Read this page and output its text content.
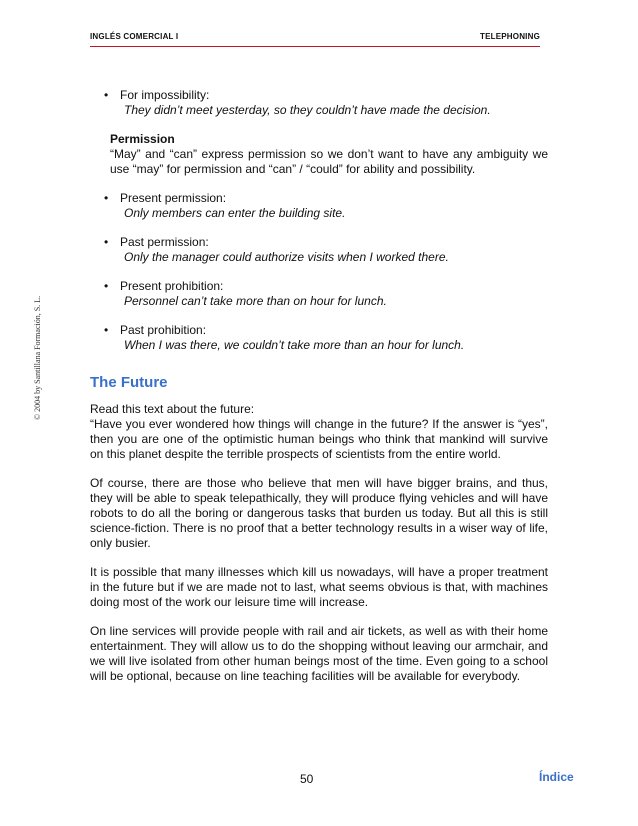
INGLÉS COMERCIAL I	TELEPHONING
© 2004 by Santillana Formación, S. L.
• For impossibility:
They didn’t meet yesterday, so they couldn’t have made the decision.
Permission
“May” and “can” express permission so we don’t want to have any ambiguity we use “may” for permission and “can” / “could” for ability and possibility.
• Present permission:
Only members can enter the building site.
• Past permission:
Only the manager could authorize visits when I worked there.
• Present prohibition:
Personnel can’t take more than on hour for lunch.
• Past prohibition:
When I was there, we couldn’t take more than an hour for lunch.
The Future

Read this text about the future:

“Have you ever wondered how things will change in the future? If the answer is “yes”, then you are one of the optimistic human beings who think that mankind will survive on this planet despite the terrible prospects of scientists from the entire world.

Of course, there are those who believe that men will have bigger brains, and thus, they will be able to speak telepathically, they will produce flying vehicles and will have robots to do all the boring or dangerous tasks that burden us today. But all this is still science-fiction. There is no proof that a better technology results in a wiser way of life, only busier.

It is possible that many illnesses which kill us nowadays, will have a proper treatment in the future but if we are made not to last, what seems obvious is that, with machines doing most of the work our leisure time will increase.

On line services will provide people with rail and air tickets, as well as with their home entertainment. They will allow us to do the shopping without leaving our armchair, and we will live isolated from other human beings most of the time. Even going to a school will be optional, because on line teaching facilities will be available for everybody.

50	Índice
